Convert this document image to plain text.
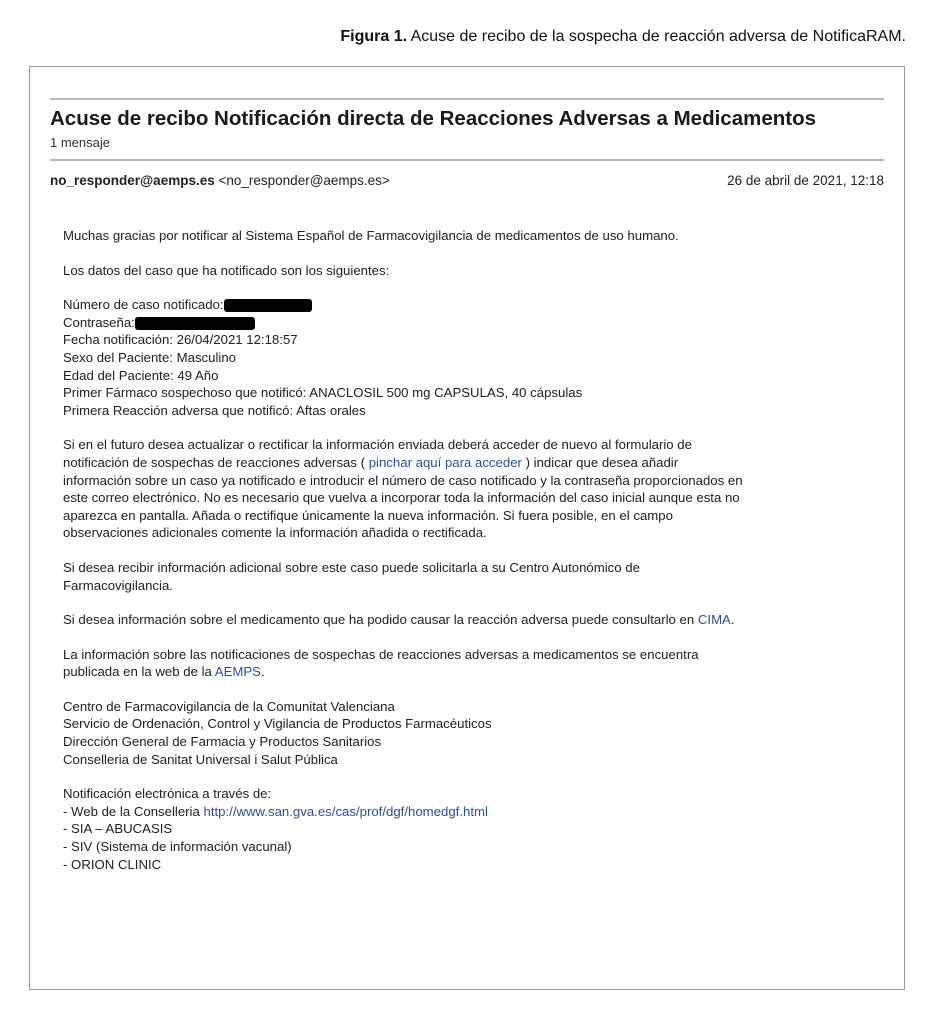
Figura 1. Acuse de recibo de la sospecha de reacción adversa de NotificaRAM.
Acuse de recibo Notificación directa de Reacciones Adversas a Medicamentos
1 mensaje
no_responder@aemps.es <no_responder@aemps.es>	26 de abril de 2021, 12:18

Muchas gracias por notificar al Sistema Español de Farmacovigilancia de medicamentos de uso humano.

Los datos del caso que ha notificado son los siguientes:

Número de caso notificado:
Contraseña:
Fecha notificación: 26/04/2021 12:18:57
Sexo del Paciente: Masculino
Edad del Paciente: 49 Año
Primer Fármaco sospechoso que notificó: ANACLOSIL 500 mg CAPSULAS, 40 cápsulas
Primera Reacción adversa que notificó: Aftas orales

Si en el futuro desea actualizar o rectificar la información enviada deberá acceder de nuevo al formulario de
notificación de sospechas de reacciones adversas ( pinchar aquí para acceder ) indicar que desea añadir
información sobre un caso ya notificado e introducir el número de caso notificado y la contraseña proporcionados en
este correo electrónico. No es necesario que vuelva a incorporar toda la información del caso inicial aunque esta no
aparezca en pantalla. Añada o rectifique únicamente la nueva información. Si fuera posible, en el campo
observaciones adicionales comente la información añadida o rectificada.

Si desea recibir información adicional sobre este caso puede solicitarla a su Centro Autonómico de
Farmacovigilancia.

Si desea información sobre el medicamento que ha podido causar la reacción adversa puede consultarlo en CIMA.

La información sobre las notificaciones de sospechas de reacciones adversas a medicamentos se encuentra
publicada en la web de la AEMPS.

Centro de Farmacovigilancia de la Comunitat Valenciana
Servicio de Ordenación, Control y Vigilancia de Productos Farmacéuticos
Dirección General de Farmacia y Productos Sanitarios
Conselleria de Sanitat Universal i Salut Pública

Notificación electrónica a través de:
- Web de la Conselleria http://www.san.gva.es/cas/prof/dgf/homedgf.html
- SIA – ABUCASIS
- SIV (Sistema de información vacunal)
- ORION CLINIC
